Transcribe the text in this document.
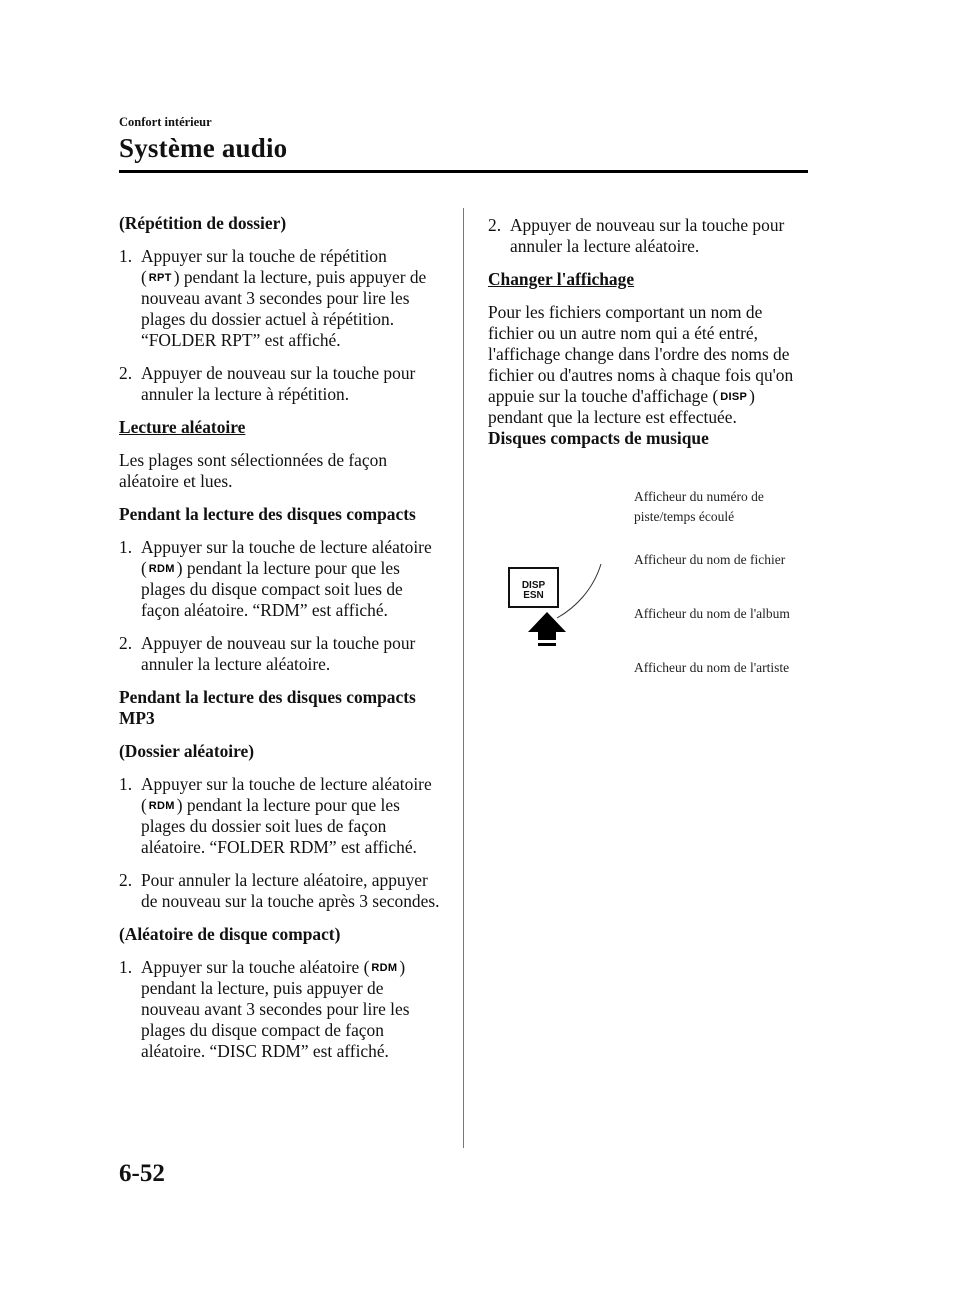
Confort intérieur
Système audio
(Répétition de dossier)
1. Appuyer sur la touche de répétition
( RPT ) pendant la lecture, puis appuyer de nouveau avant 3 secondes pour lire les plages du dossier actuel à répétition. “FOLDER RPT” est affiché.
2. Appuyer de nouveau sur la touche pour annuler la lecture à répétition.
Lecture aléatoire
Les plages sont sélectionnées de façon aléatoire et lues.
Pendant la lecture des disques compacts
1. Appuyer sur la touche de lecture aléatoire ( RDM ) pendant la lecture pour que les plages du disque compact soit lues de façon aléatoire. “RDM” est affiché.
2. Appuyer de nouveau sur la touche pour annuler la lecture aléatoire.
Pendant la lecture des disques compacts MP3
(Dossier aléatoire)
1. Appuyer sur la touche de lecture aléatoire ( RDM ) pendant la lecture pour que les plages du dossier soit lues de façon aléatoire. “FOLDER RDM” est affiché.
2. Pour annuler la lecture aléatoire, appuyer de nouveau sur la touche après 3 secondes.
(Aléatoire de disque compact)
1. Appuyer sur la touche aléatoire ( RDM ) pendant la lecture, puis appuyer de nouveau avant 3 secondes pour lire les plages du disque compact de façon aléatoire. “DISC RDM” est affiché.
2. Appuyer de nouveau sur la touche pour annuler la lecture aléatoire.
Changer l'affichage
Pour les fichiers comportant un nom de fichier ou un autre nom qui a été entré, l'affichage change dans l'ordre des noms de fichier ou d'autres noms à chaque fois qu'on appuie sur la touche d'affichage ( DISP ) pendant que la lecture est effectuée.
Disques compacts de musique
DISP
ESN
Afficheur du numéro de piste/temps écoulé
Afficheur du nom de fichier
Afficheur du nom de l'album
Afficheur du nom de l'artiste
6-52
